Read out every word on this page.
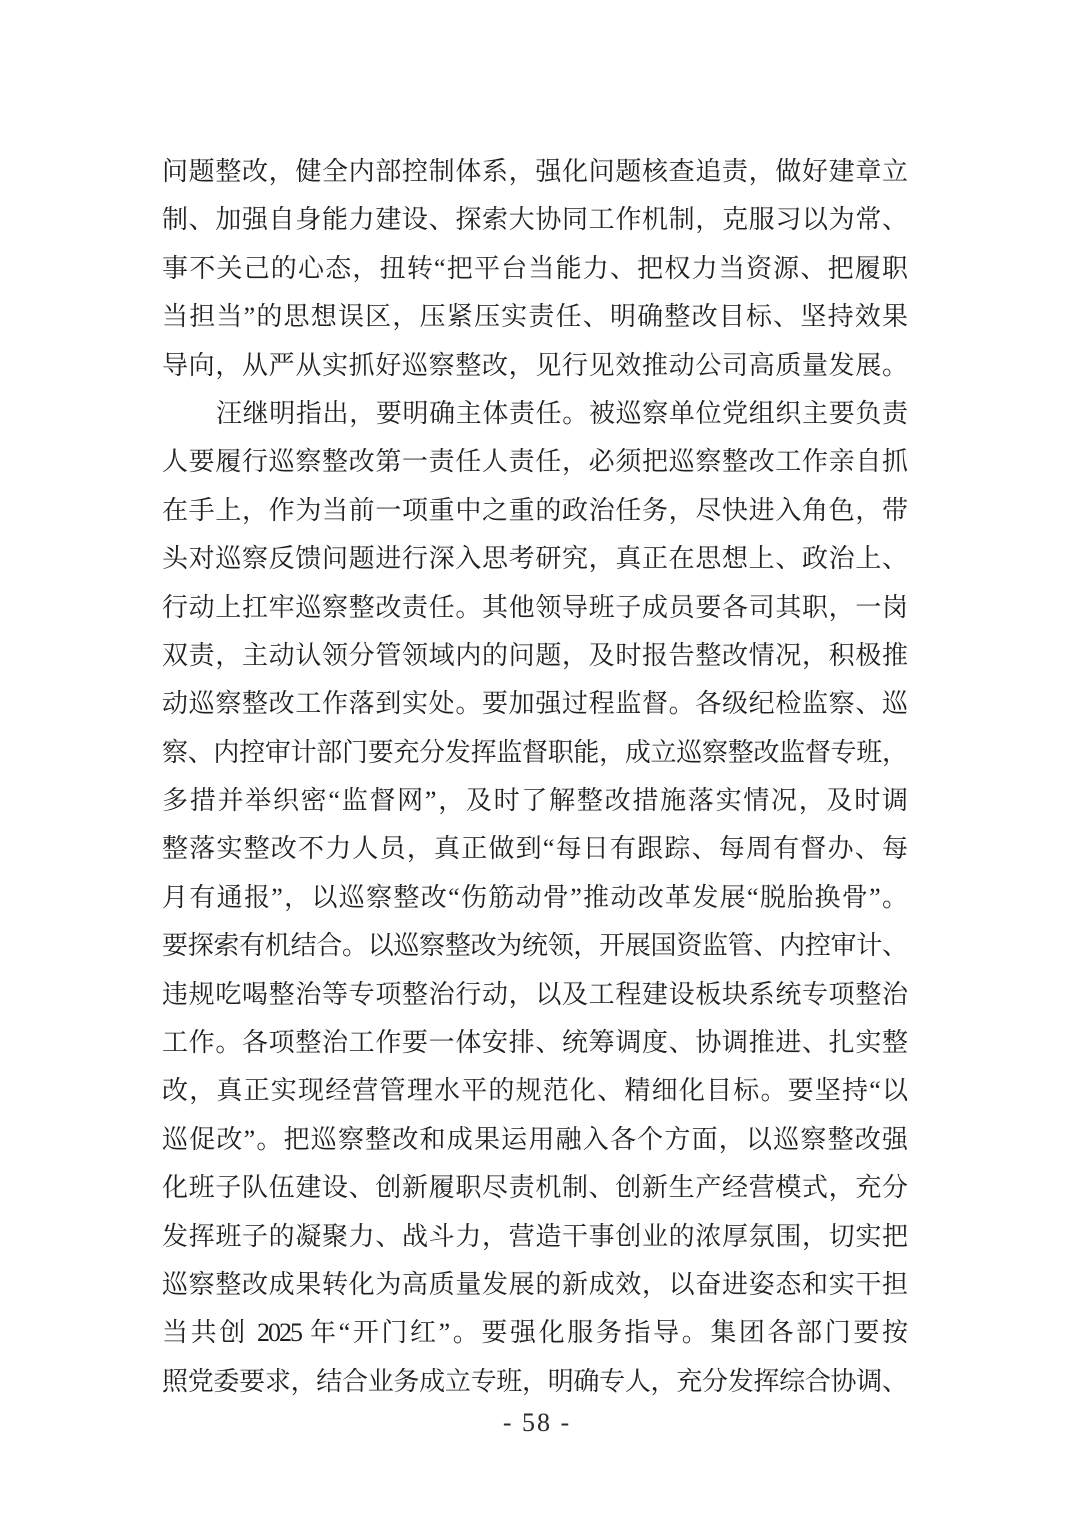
问题整改，健全内部控制体系，强化问题核查追责，做好建章立
制、加强自身能力建设、探索大协同工作机制，克服习以为常、
事不关己的心态，扭转“把平台当能力、把权力当资源、把履职
当担当”的思想误区，压紧压实责任、明确整改目标、坚持效果
导向，从严从实抓好巡察整改，见行见效推动公司高质量发展。
汪继明指出，要明确主体责任。被巡察单位党组织主要负责
人要履行巡察整改第一责任人责任，必须把巡察整改工作亲自抓
在手上，作为当前一项重中之重的政治任务，尽快进入角色，带
头对巡察反馈问题进行深入思考研究，真正在思想上、政治上、
行动上扛牢巡察整改责任。其他领导班子成员要各司其职，一岗
双责，主动认领分管领域内的问题，及时报告整改情况，积极推
动巡察整改工作落到实处。要加强过程监督。各级纪检监察、巡
察、内控审计部门要充分发挥监督职能，成立巡察整改监督专班，
多措并举织密“监督网”，及时了解整改措施落实情况，及时调
整落实整改不力人员，真正做到“每日有跟踪、每周有督办、每
月有通报”，以巡察整改“伤筋动骨”推动改革发展“脱胎换骨”。
要探索有机结合。以巡察整改为统领，开展国资监管、内控审计、
违规吃喝整治等专项整治行动，以及工程建设板块系统专项整治
工作。各项整治工作要一体安排、统筹调度、协调推进、扎实整
改，真正实现经营管理水平的规范化、精细化目标。要坚持“以
巡促改”。把巡察整改和成果运用融入各个方面，以巡察整改强
化班子队伍建设、创新履职尽责机制、创新生产经营模式，充分
发挥班子的凝聚力、战斗力，营造干事创业的浓厚氛围，切实把
巡察整改成果转化为高质量发展的新成效，以奋进姿态和实干担
当共创 2025 年“开门红”。要强化服务指导。集团各部门要按
照党委要求，结合业务成立专班，明确专人，充分发挥综合协调、
- 58 -
